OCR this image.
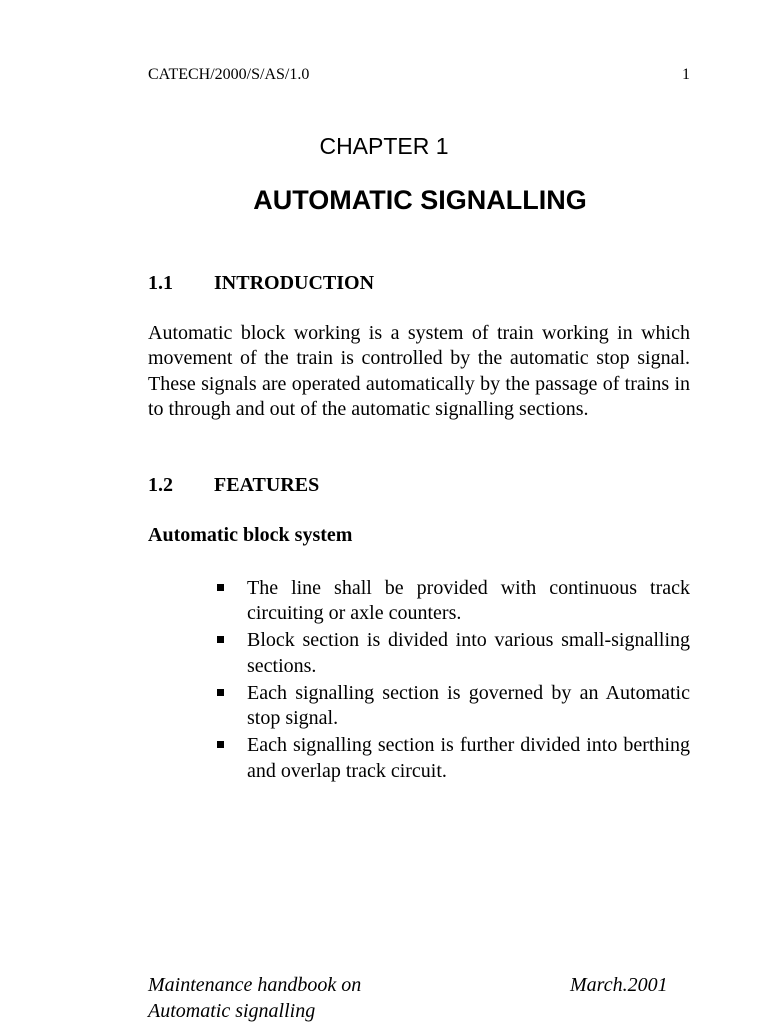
CATECH/2000/S/AS/1.0	1
CHAPTER 1
AUTOMATIC SIGNALLING
1.1 INTRODUCTION
Automatic block working is a system of train working in which movement of the train is controlled by the automatic stop signal. These signals are operated automatically by the passage of trains in to through and out of the automatic signalling sections.
1.2 FEATURES
Automatic block system
The line shall be provided with continuous track circuiting or axle counters.
Block section is divided into various small-signalling sections.
Each signalling section is governed by an Automatic stop signal.
Each signalling section is further divided into berthing and overlap track circuit.
Maintenance handbook on
Automatic signalling
March.2001
